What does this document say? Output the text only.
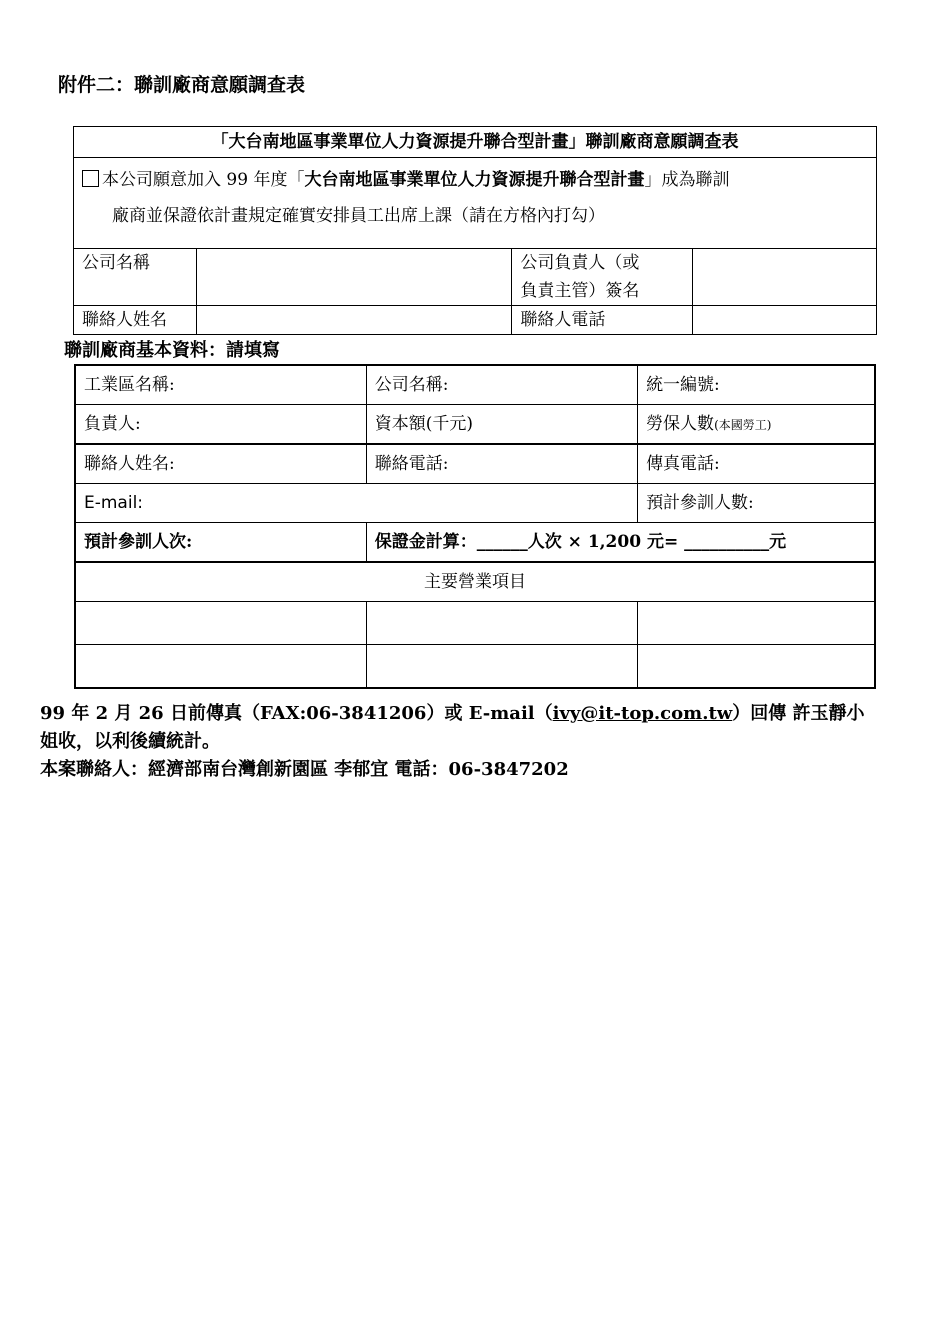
附件二：聯訓廠商意願調查表
「大台南地區事業單位人力資源提升聯合型計畫」聯訓廠商意願調查表			

本公司願意加入 99 年度「大台南地區事業單位人力資源提升聯合型計畫」成為聯訓
廠商並保證依計畫規定確實安排員工出席上課（請在方格內打勾）			

公司名稱		公司負責人（或
負責主管）簽名	

聯絡人姓名		聯絡人電話	
聯訓廠商基本資料：請填寫
工業區名稱:	公司名稱:	統一編號:
負責人:	資本額(千元)	勞保人數(本國勞工)
聯絡人姓名:	聯絡電話:	傳真電話:
E-mail:		預計參訓人數:
預計參訓人次:	保證金計算：______人次 × 1,200 元= __________元	
主要營業項目		

99 年 2 月 26 日前傳真（FAX:06-3841206）或 E-mail（ivy@it-top.com.tw）回傳 許玉靜小
姐收，以利後續統計。
本案聯絡人：經濟部南台灣創新園區 李郁宜 電話：06-3847202
